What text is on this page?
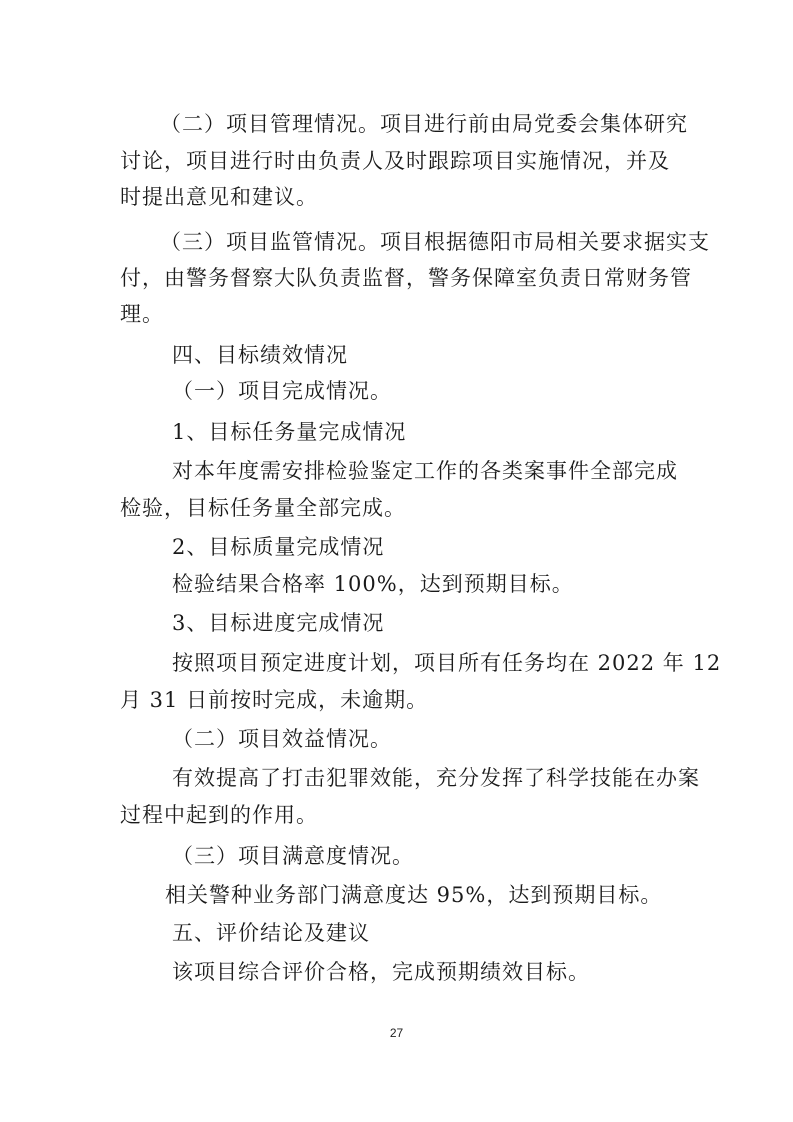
（二）项目管理情况。项目进行前由局党委会集体研究
讨论，项目进行时由负责人及时跟踪项目实施情况，并及
时提出意见和建议。
（三）项目监管情况。项目根据德阳市局相关要求据实支
付，由警务督察大队负责监督，警务保障室负责日常财务管
理。
四、目标绩效情况
（一）项目完成情况。
1、目标任务量完成情况
对本年度需安排检验鉴定工作的各类案事件全部完成
检验，目标任务量全部完成。
2、目标质量完成情况
检验结果合格率 100%，达到预期目标。
3、目标进度完成情况
按照项目预定进度计划，项目所有任务均在 2022 年 12
月 31 日前按时完成，未逾期。
（二）项目效益情况。
有效提高了打击犯罪效能，充分发挥了科学技能在办案
过程中起到的作用。
（三）项目满意度情况。
相关警种业务部门满意度达 95%，达到预期目标。
五、评价结论及建议
该项目综合评价合格，完成预期绩效目标。
27
